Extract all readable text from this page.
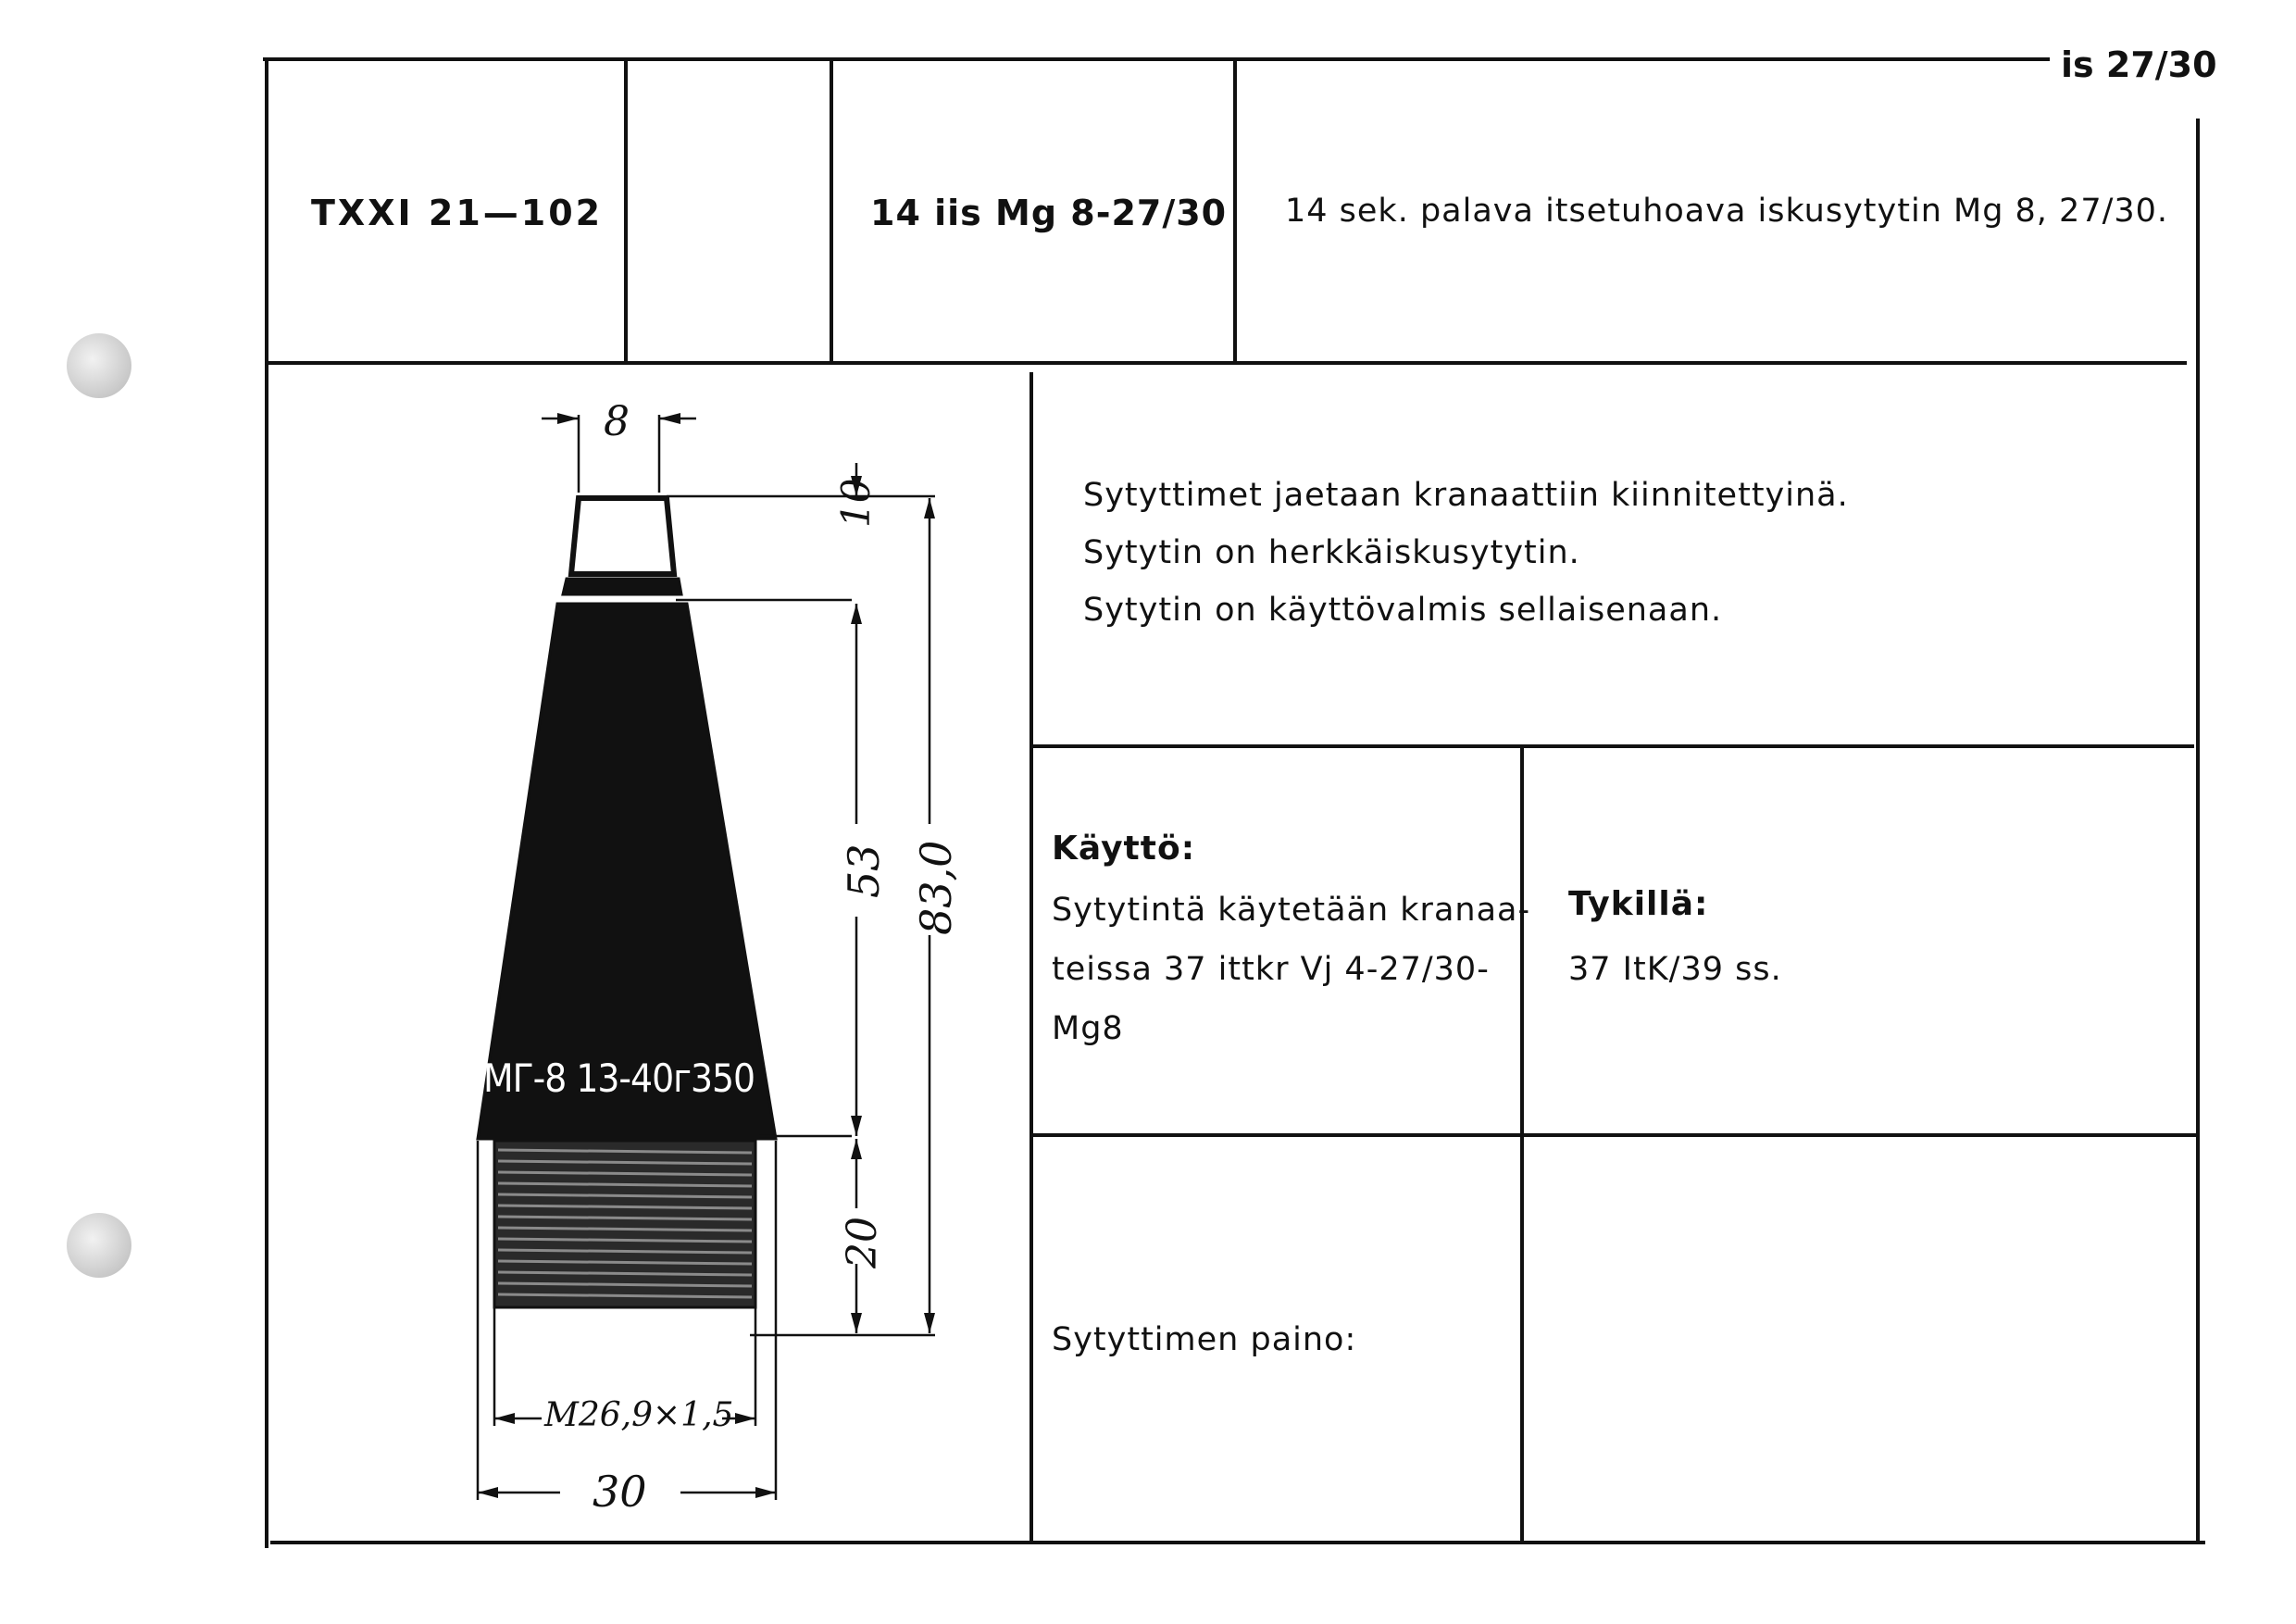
is 27/30
TXXI 21—102	14 iis Mg 8-27/30 14 sek. palava itsetuhoava iskusytytin Mg 8, 27/30.
Sytyttimet jaetaan kranaattiin kiinnitettyinä.
Sytytin on herkkäiskusytytin.
Sytytin on käyttövalmis sellaisenaan.
Käyttö:
Sytytintä käytetään kranaa-
teissa 37 ittkr Vj 4-27/30-
Mg8
Tykillä:
37 ItK/39 ss.
Sytyttimen paino:
8
10
53 83,0
20
M26,9×1,5
30
МГ-8 13-40г350
